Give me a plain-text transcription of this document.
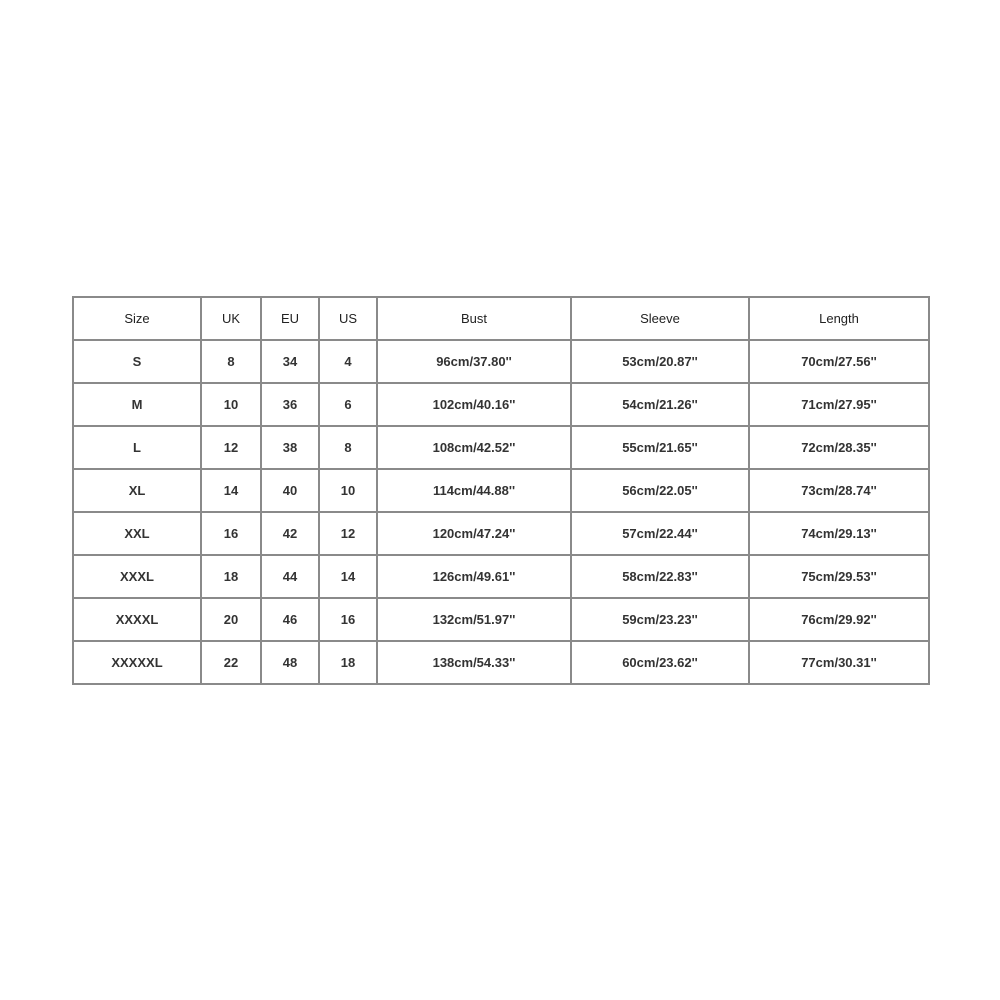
Size	UK	EU	US	Bust	Sleeve	Length
S	8	34	4	96cm/37.80''	53cm/20.87''	70cm/27.56''
M	10	36	6	102cm/40.16''	54cm/21.26''	71cm/27.95''
L	12	38	8	108cm/42.52''	55cm/21.65''	72cm/28.35''
XL	14	40	10	114cm/44.88''	56cm/22.05''	73cm/28.74''
XXL	16	42	12	120cm/47.24''	57cm/22.44''	74cm/29.13''
XXXL	18	44	14	126cm/49.61''	58cm/22.83''	75cm/29.53''
XXXXL	20	46	16	132cm/51.97''	59cm/23.23''	76cm/29.92''
XXXXXL	22	48	18	138cm/54.33''	60cm/23.62''	77cm/30.31''
